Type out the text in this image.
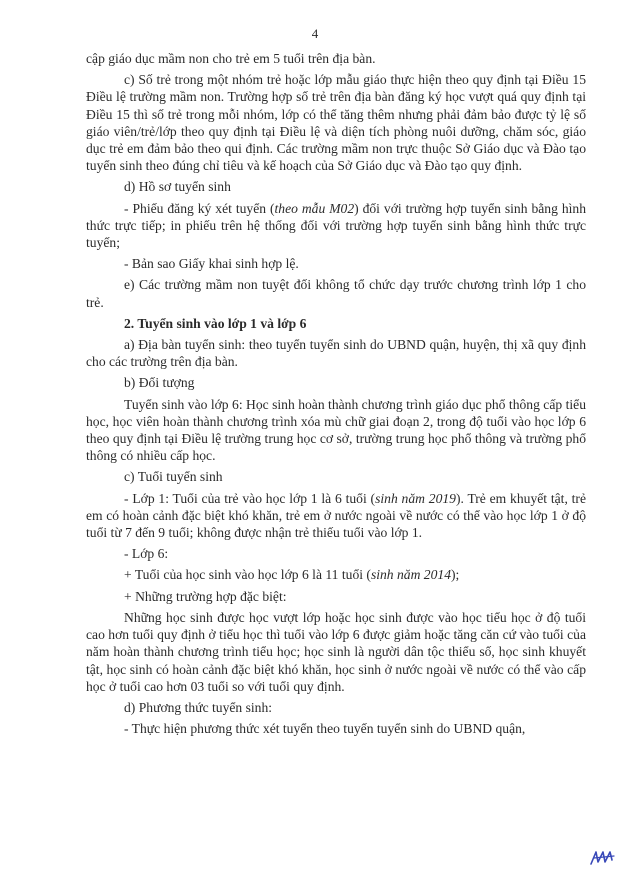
4

cập giáo dục mầm non cho trẻ em 5 tuổi trên địa bàn.

c) Số trẻ trong một nhóm trẻ hoặc lớp mẫu giáo thực hiện theo quy định tại Điều 15 Điều lệ trường mầm non. Trường hợp số trẻ trên địa bàn đăng ký học vượt quá quy định tại Điều 15 thì số trẻ trong mỗi nhóm, lớp có thể tăng thêm nhưng phải đảm bảo được tỷ lệ số giáo viên/trẻ/lớp theo quy định tại Điều lệ và diện tích phòng nuôi dưỡng, chăm sóc, giáo dục trẻ em đảm bảo theo qui định. Các trường mầm non trực thuộc Sở Giáo dục và Đào tạo tuyển sinh theo đúng chỉ tiêu và kế hoạch của Sở Giáo dục và Đào tạo quy định.

d) Hồ sơ tuyển sinh

- Phiếu đăng ký xét tuyển (theo mẫu M02) đối với trường hợp tuyển sinh bằng hình thức trực tiếp; in phiếu trên hệ thống đối với trường hợp tuyển sinh bằng hình thức trực tuyến;

- Bản sao Giấy khai sinh hợp lệ.

e) Các trường mầm non tuyệt đối không tổ chức dạy trước chương trình lớp 1 cho trẻ.

2. Tuyển sinh vào lớp 1 và lớp 6

a) Địa bàn tuyển sinh: theo tuyển tuyển sinh do UBND quận, huyện, thị xã quy định cho các trường trên địa bàn.

b) Đối tượng

Tuyển sinh vào lớp 6: Học sinh hoàn thành chương trình giáo dục phổ thông cấp tiểu học, học viên hoàn thành chương trình xóa mù chữ giai đoạn 2, trong độ tuổi vào học lớp 6 theo quy định tại Điều lệ trường trung học cơ sở, trường trung học phổ thông và trường phổ thông có nhiều cấp học.

c) Tuổi tuyển sinh

- Lớp 1: Tuổi của trẻ vào học lớp 1 là 6 tuổi (sinh năm 2019). Trẻ em khuyết tật, trẻ em có hoàn cảnh đặc biệt khó khăn, trẻ em ở nước ngoài về nước có thể vào học lớp 1 ở độ tuổi từ 7 đến 9 tuổi; không được nhận trẻ thiếu tuổi vào lớp 1.

- Lớp 6:

+ Tuổi của học sinh vào học lớp 6 là 11 tuổi (sinh năm 2014);

+ Những trường hợp đặc biệt:

Những học sinh được học vượt lớp hoặc học sinh được vào học tiểu học ở độ tuổi cao hơn tuổi quy định ở tiểu học thì tuổi vào lớp 6 được giảm hoặc tăng căn cứ vào tuổi của năm hoàn thành chương trình tiểu học; học sinh là người dân tộc thiểu số, học sinh khuyết tật, học sinh có hoàn cảnh đặc biệt khó khăn, học sinh ở nước ngoài về nước có thể vào cấp học ở tuổi cao hơn 03 tuổi so với tuổi quy định.

d) Phương thức tuyển sinh:

- Thực hiện phương thức xét tuyển theo tuyến tuyển sinh do UBND quận,
